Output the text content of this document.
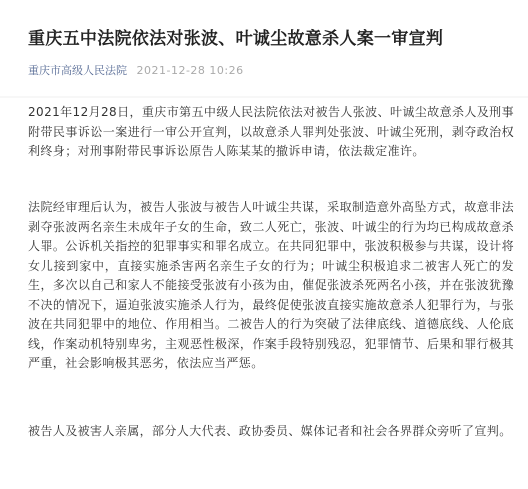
重庆五中法院依法对张波、叶诚尘故意杀人案一审宣判
重庆市高级人民法院 2021-12-28 10:26

2021年12月28日，重庆市第五中级人民法院依法对被告人张波、叶诚尘故意杀人及刑事附带民事诉讼一案进行一审公开宣判，以故意杀人罪判处张波、叶诚尘死刑，剥夺政治权利终身；对刑事附带民事诉讼原告人陈某某的撤诉申请，依法裁定准许。

法院经审理后认为，被告人张波与被告人叶诚尘共谋，采取制造意外高坠方式，故意非法剥夺张波两名亲生未成年子女的生命，致二人死亡，张波、叶诚尘的行为均已构成故意杀人罪。公诉机关指控的犯罪事实和罪名成立。在共同犯罪中，张波积极参与共谋，设计将女儿接到家中，直接实施杀害两名亲生子女的行为；叶诚尘积极追求二被害人死亡的发生，多次以自己和家人不能接受张波有小孩为由，催促张波杀死两名小孩，并在张波犹豫不决的情况下，逼迫张波实施杀人行为，最终促使张波直接实施故意杀人犯罪行为，与张波在共同犯罪中的地位、作用相当。二被告人的行为突破了法律底线、道德底线、人伦底线，作案动机特别卑劣，主观恶性极深，作案手段特别残忍，犯罪情节、后果和罪行极其严重，社会影响极其恶劣，依法应当严惩。

被告人及被害人亲属，部分人大代表、政协委员、媒体记者和社会各界群众旁听了宣判。
